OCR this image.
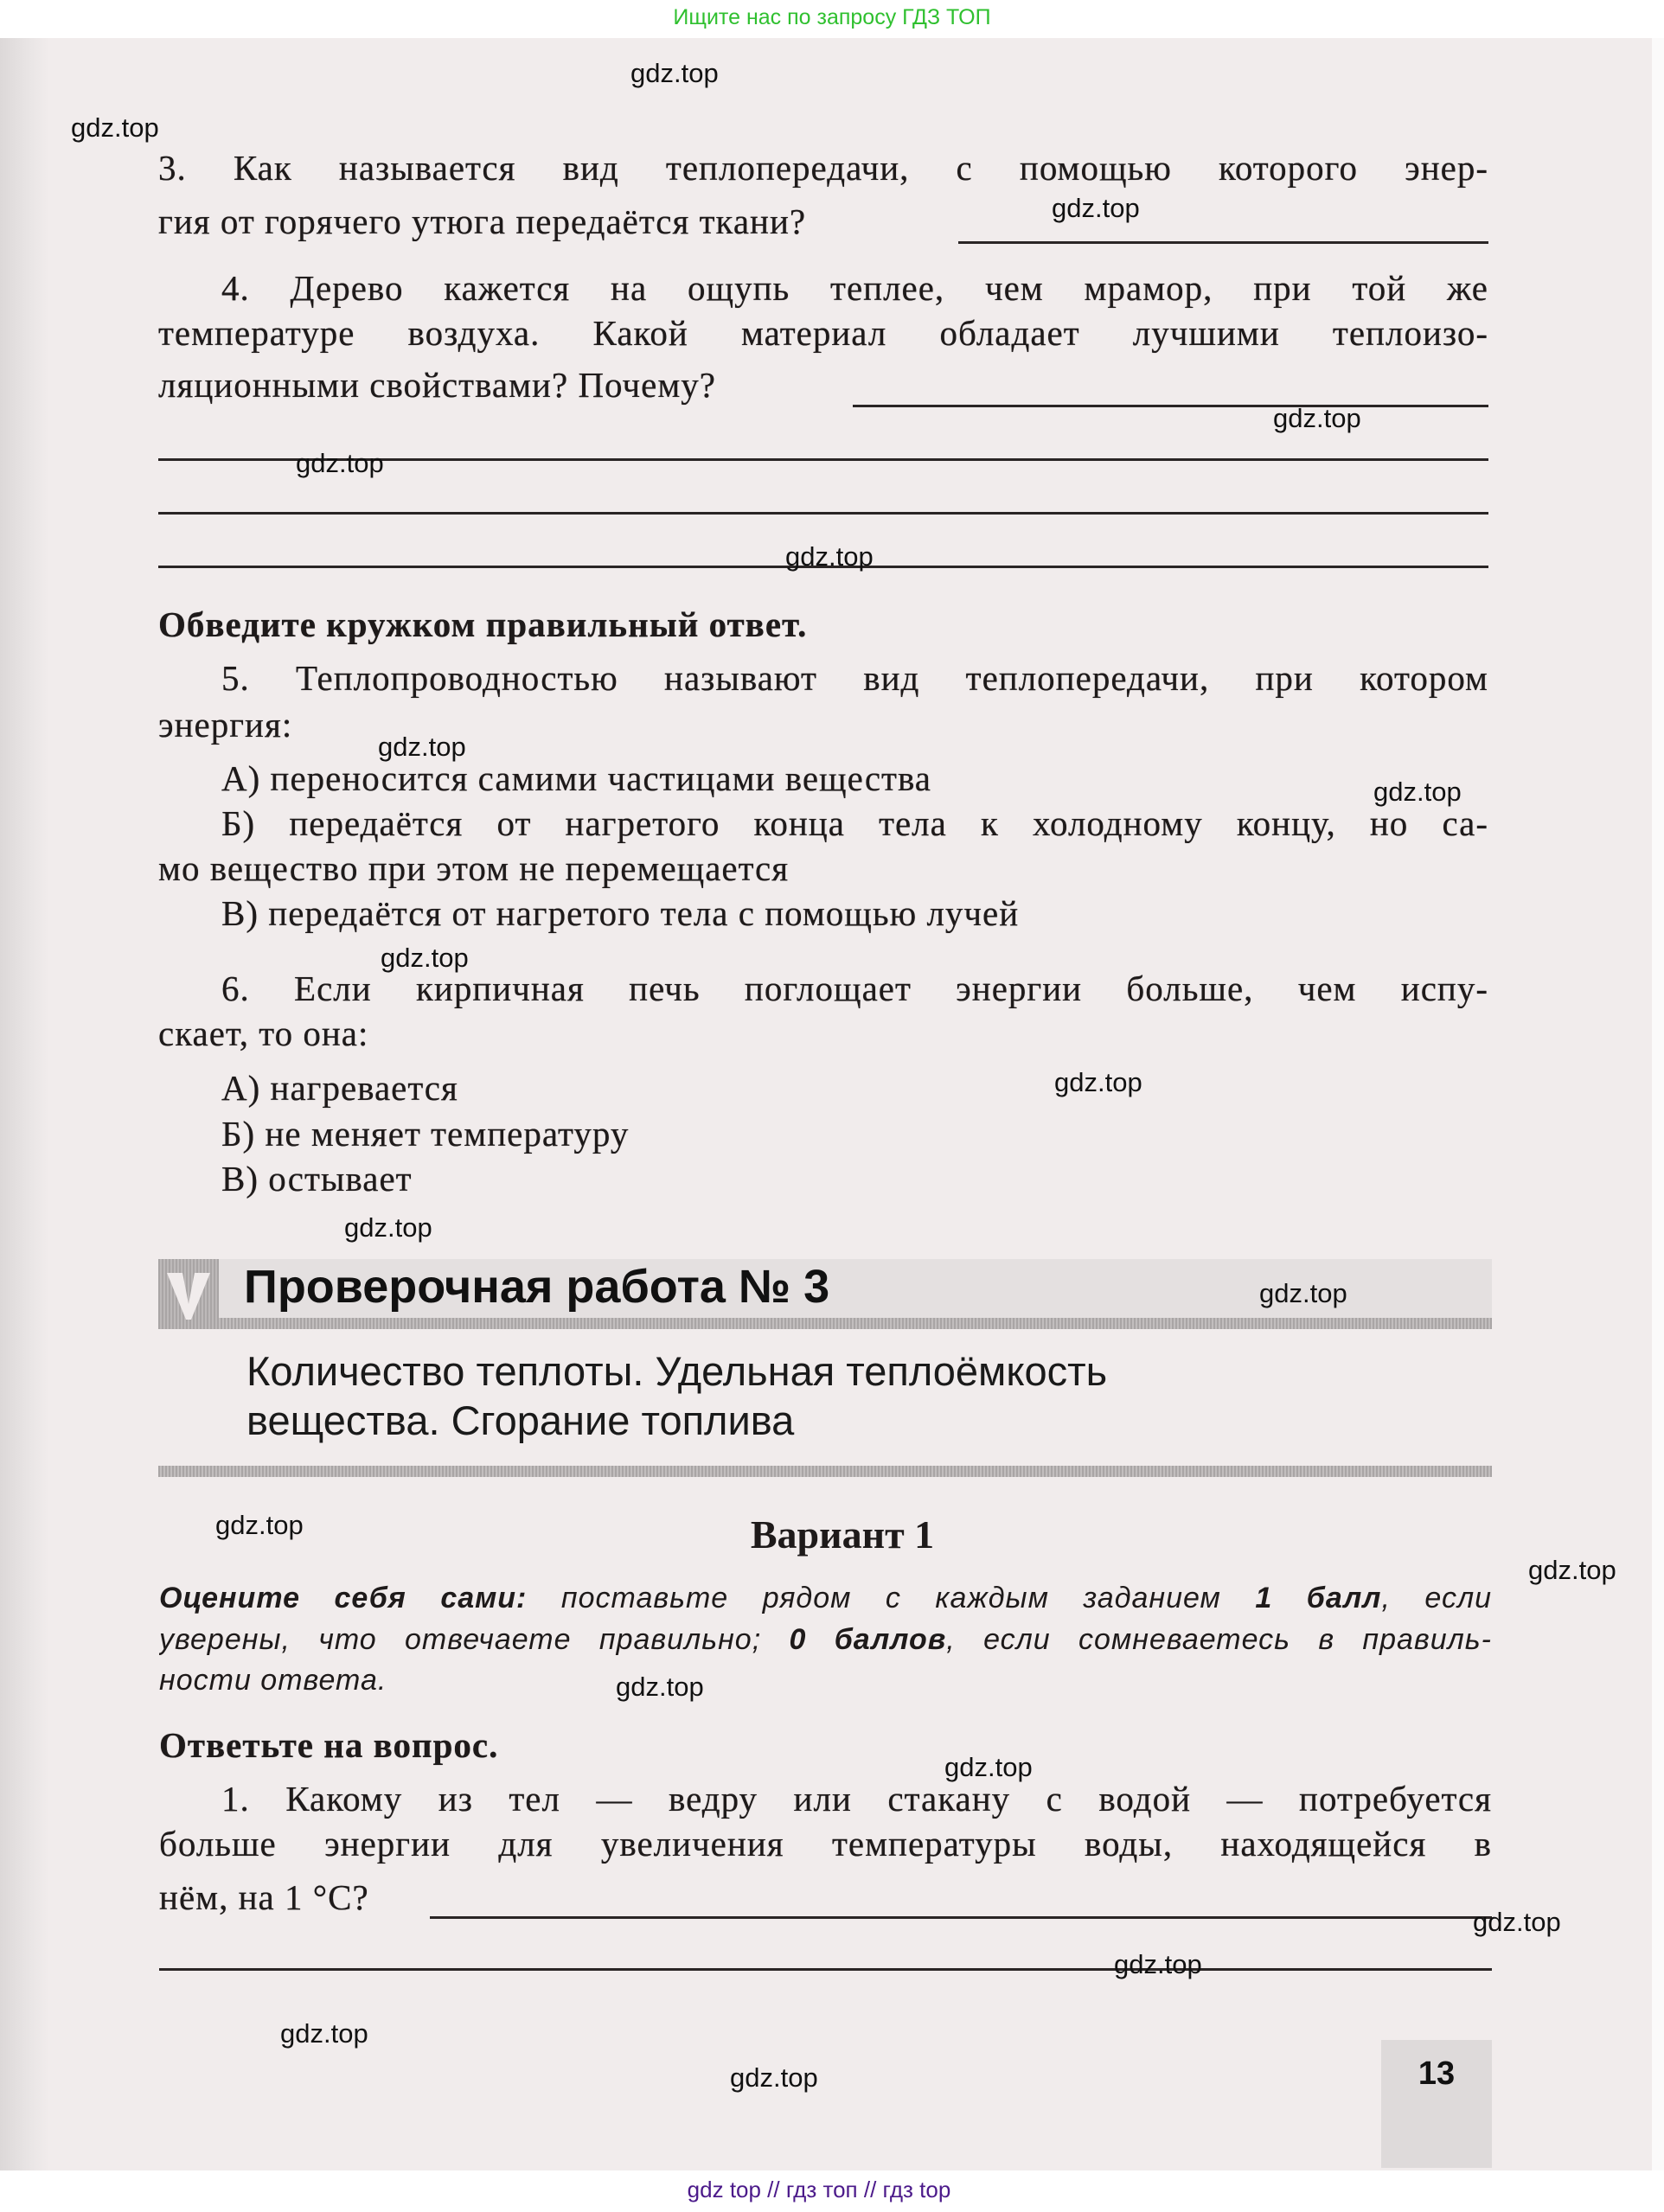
Ищите нас по запросу ГДЗ ТОП
3. Как называется вид теплопередачи, с помощью которого энер-
гия от горячего утюга передаётся ткани?
4. Дерево кажется на ощупь теплее, чем мрамор, при той же
температуре воздуха. Какой материал обладает лучшими теплоизо-
ляционными свойствами? Почему?
Обведите кружком правильный ответ.
5. Теплопроводностью называют вид теплопередачи, при котором
энергия:
А) переносится самими частицами вещества
Б) передаётся от нагретого конца тела к холодному концу, но са-
мо вещество при этом не перемещается
В) передаётся от нагретого тела с помощью лучей
6. Если кирпичная печь поглощает энергии больше, чем испу-
скает, то она:
А) нагревается
Б) не меняет температуру
В) остывает
Проверочная работа № 3
Количество теплоты. Удельная теплоёмкость
вещества. Сгорание топлива
Вариант 1
Оцените себя сами: поставьте рядом с каждым заданием 1 балл, если
уверены, что отвечаете правильно; 0 баллов, если сомневаетесь в правиль-
ности ответа.
Ответьте на вопрос.
1. Какому из тел — ведру или стакану с водой — потребуется
больше энергии для увеличения температуры воды, находящейся в
нём, на 1 °С?
13
gdz top // гдз топ // гдз top
gdz.top
gdz.top
gdz.top
gdz.top
gdz.top
gdz.top
gdz.top
gdz.top
gdz.top
gdz.top
gdz.top
gdz.top
gdz.top
gdz.top
gdz.top
gdz.top
gdz.top
gdz.top
gdz.top
gdz.top
